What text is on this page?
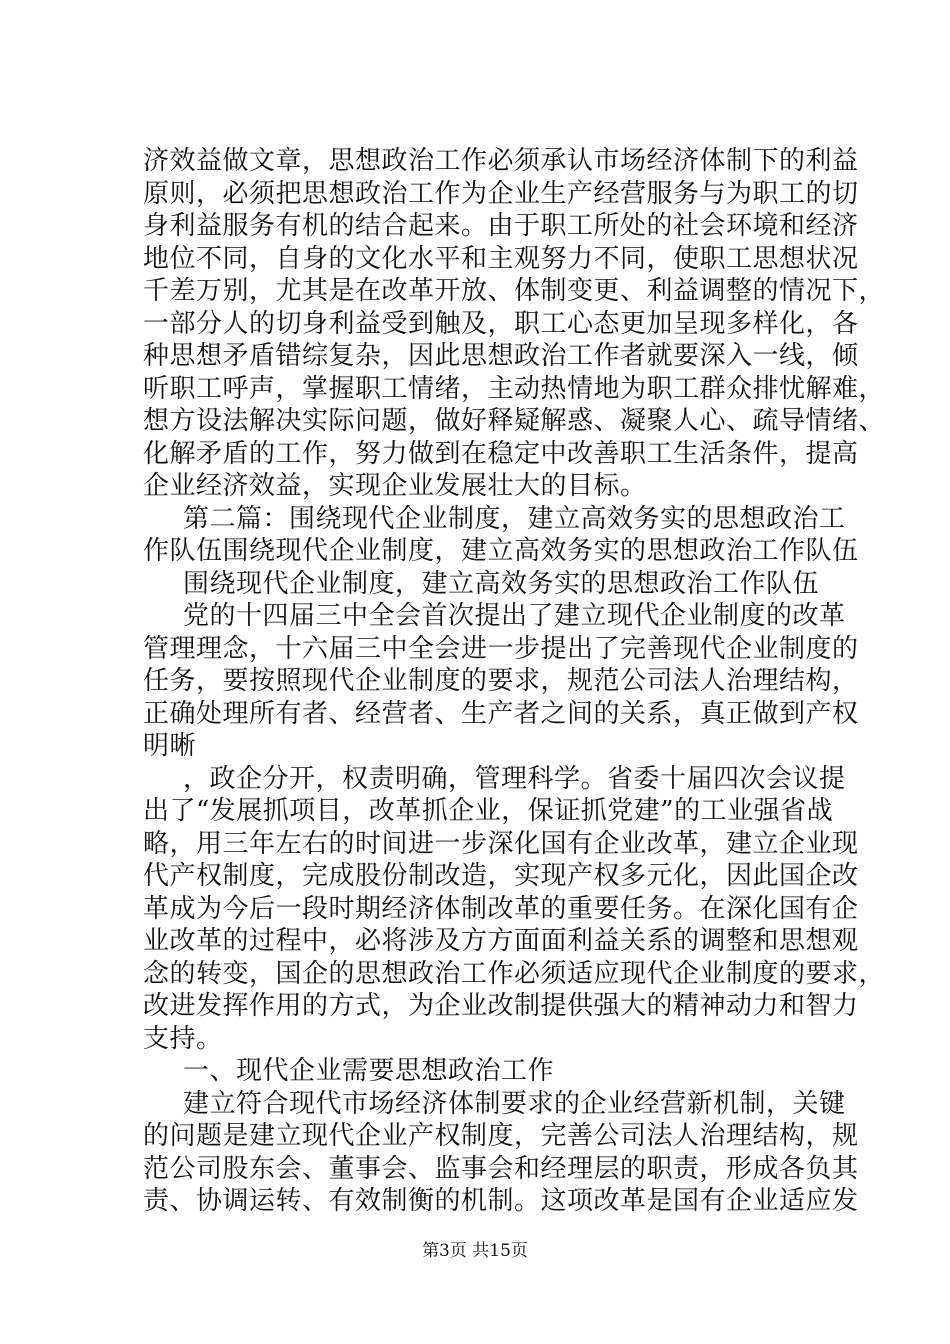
济效益做文章，思想政治工作必须承认市场经济体制下的利益
原则，必须把思想政治工作为企业生产经营服务与为职工的切
身利益服务有机的结合起来。由于职工所处的社会环境和经济
地位不同，自身的文化水平和主观努力不同，使职工思想状况
千差万别，尤其是在改革开放、体制变更、利益调整的情况下，
一部分人的切身利益受到触及，职工心态更加呈现多样化，各
种思想矛盾错综复杂，因此思想政治工作者就要深入一线，倾
听职工呼声，掌握职工情绪，主动热情地为职工群众排忧解难，
想方设法解决实际问题，做好释疑解惑、凝聚人心、疏导情绪、
化解矛盾的工作，努力做到在稳定中改善职工生活条件，提高
企业经济效益，实现企业发展壮大的目标。
第二篇：围绕现代企业制度，建立高效务实的思想政治工
作队伍围绕现代企业制度，建立高效务实的思想政治工作队伍
围绕现代企业制度，建立高效务实的思想政治工作队伍
党的十四届三中全会首次提出了建立现代企业制度的改革
管理理念，十六届三中全会进一步提出了完善现代企业制度的
任务，要按照现代企业制度的要求，规范公司法人治理结构，
正确处理所有者、经营者、生产者之间的关系，真正做到产权
明晰
，政企分开，权责明确，管理科学。省委十届四次会议提
出了“发展抓项目，改革抓企业，保证抓党建”的工业强省战
略，用三年左右的时间进一步深化国有企业改革，建立企业现
代产权制度，完成股份制改造，实现产权多元化，因此国企改
革成为今后一段时期经济体制改革的重要任务。在深化国有企
业改革的过程中，必将涉及方方面面利益关系的调整和思想观
念的转变，国企的思想政治工作必须适应现代企业制度的要求，
改进发挥作用的方式，为企业改制提供强大的精神动力和智力
支持。
一、现代企业需要思想政治工作
建立符合现代市场经济体制要求的企业经营新机制，关键
的问题是建立现代企业产权制度，完善公司法人治理结构，规
范公司股东会、董事会、监事会和经理层的职责，形成各负其
责、协调运转、有效制衡的机制。这项改革是国有企业适应发
第3页 共15页
